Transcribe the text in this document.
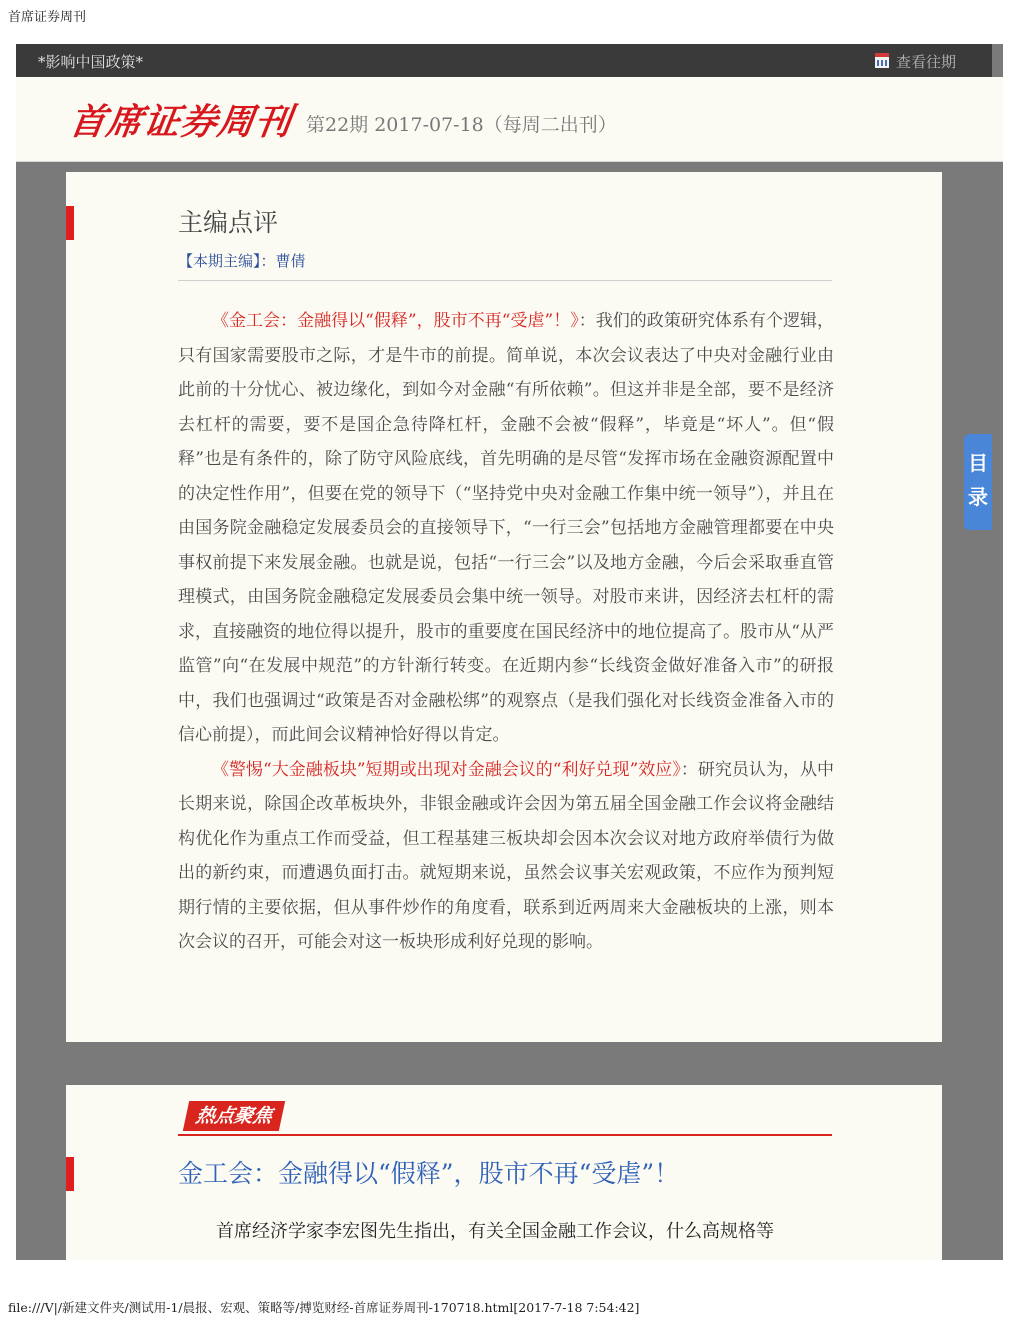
首席证券周刊
*影响中国政策*	查看往期
首席证券周刊 第22期 2017-07-18（每周二出刊）
主编点评
【本期主编】：曹倩

《金工会：金融得以“假释”，股市不再“受虐”！》：我们的政策研究体系有个逻辑，只有国家需要股市之际，才是牛市的前提。简单说，本次会议表达了中央对金融行业由此前的十分忧心、被边缘化，到如今对金融“有所依赖”。但这并非是全部，要不是经济去杠杆的需要，要不是国企急待降杠杆，金融不会被“假释”，毕竟是“坏人”。但“假释”也是有条件的，除了防守风险底线，首先明确的是尽管“发挥市场在金融资源配置中的决定性作用”，但要在党的领导下（“坚持党中央对金融工作集中统一领导”），并且在由国务院金融稳定发展委员会的直接领导下，“一行三会”包括地方金融管理都要在中央事权前提下来发展金融。也就是说，包括“一行三会”以及地方金融，今后会采取垂直管理模式，由国务院金融稳定发展委员会集中统一领导。对股市来讲，因经济去杠杆的需求，直接融资的地位得以提升，股市的重要度在国民经济中的地位提高了。股市从“从严监管”向“在发展中规范”的方针渐行转变。在近期内参“长线资金做好准备入市”的研报中，我们也强调过“政策是否对金融松绑”的观察点（是我们强化对长线资金准备入市的信心前提），而此间会议精神恰好得以肯定。

《警惕“大金融板块”短期或出现对金融会议的“利好兑现”效应》：研究员认为，从中长期来说，除国企改革板块外，非银金融或许会因为第五届全国金融工作会议将金融结构优化作为重点工作而受益，但工程基建三板块却会因本次会议对地方政府举债行为做出的新约束，而遭遇负面打击。就短期来说，虽然会议事关宏观政策，不应作为预判短期行情的主要依据，但从事件炒作的角度看，联系到近两周来大金融板块的上涨，则本次会议的召开，可能会对这一板块形成利好兑现的影响。

热点聚焦
金工会：金融得以“假释”，股市不再“受虐”！
首席经济学家李宏图先生指出，有关全国金融工作会议，什么高规格等
目
录
file:///V|/新建文件夹/测试用-1/晨报、宏观、策略等/搏览财经-首席证券周刊-170718.html[2017-7-18 7:54:42]
